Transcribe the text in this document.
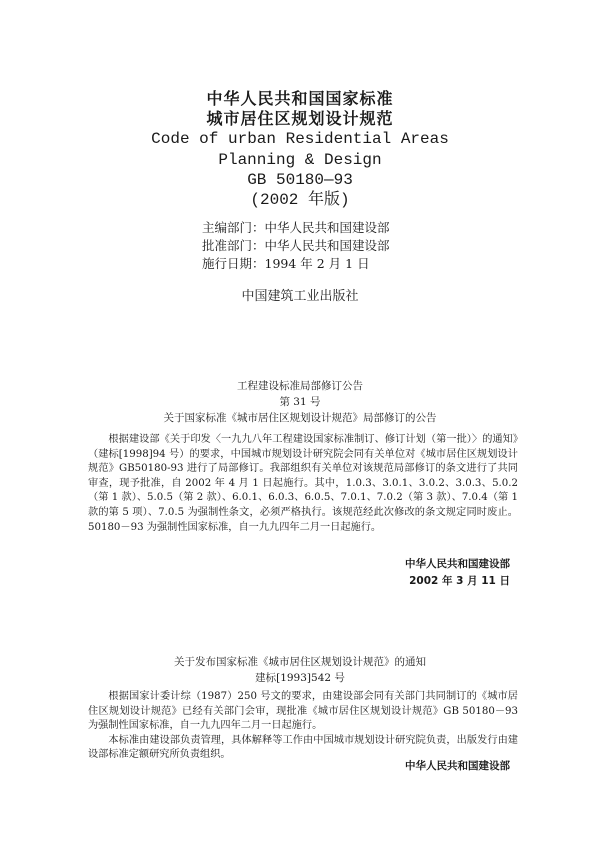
中华人民共和国国家标准
城市居住区规划设计规范
Code of urban Residential Areas
Planning & Design
GB 50180—93
(2002 年版)
主编部门：中华人民共和国建设部
批准部门：中华人民共和国建设部
施行日期：1994 年 2 月 1 日
中国建筑工业出版社
工程建设标准局部修订公告
第 31 号
关于国家标准《城市居住区规划设计规范》局部修订的公告

根据建设部《关于印发〈一九九八年工程建设国家标准制订、修订计划（第一批）〉的通知》（建标[1998]94 号）的要求，中国城市规划设计研究院会同有关单位对《城市居住区规划设计规范》GB50180-93 进行了局部修订。我部组织有关单位对该规范局部修订的条文进行了共同审查，现予批准，自 2002 年 4 月 1 日起施行。其中，1.0.3、3.0.1、3.0.2、3.0.3、5.0.2（第 1 款）、5.0.5（第 2 款）、6.0.1、6.0.3、6.0.5、7.0.1、7.0.2（第 3 款）、7.0.4（第 1 款的第 5 项）、7.0.5 为强制性条文，必须严格执行。该规范经此次修改的条文规定同时废止。 50180－93 为强制性国家标准，自一九九四年二月一日起施行。

中华人民共和国建设部
2002 年 3 月 11 日
关于发布国家标准《城市居住区规划设计规范》的通知
建标[1993]542 号

根据国家计委计综（1987）250 号文的要求，由建设部会同有关部门共同制订的《城市居住区规划设计规范》已经有关部门会审，现批准《城市居住区规划设计规范》GB 50180－93 为强制性国家标准，自一九九四年二月一日起施行。

本标准由建设部负责管理，具体解释等工作由中国城市规划设计研究院负责，出版发行由建设部标准定额研究所负责组织。

中华人民共和国建设部
